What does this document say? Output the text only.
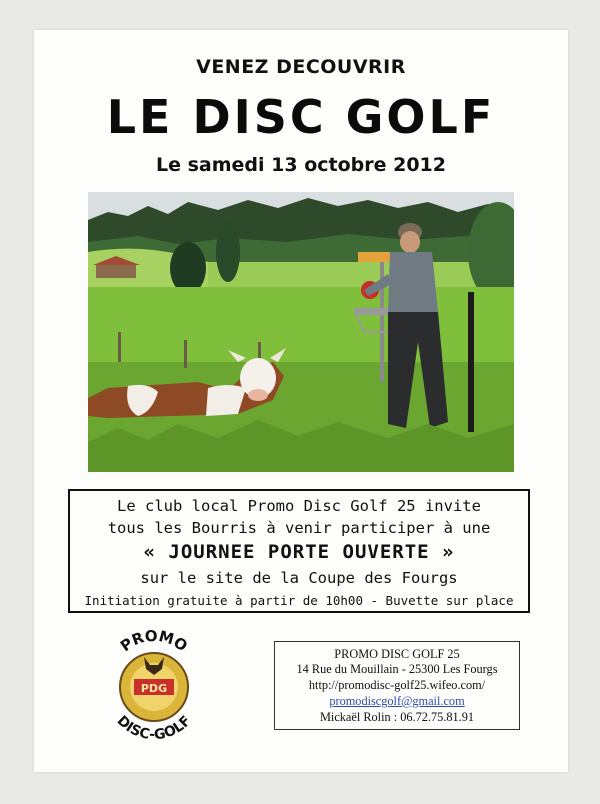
VENEZ DECOUVRIR
LE DISC GOLF
Le samedi 13 octobre 2012
Le club local Promo Disc Golf 25 invite
tous les Bourris à venir participer à une
« JOURNEE PORTE OUVERTE »
sur le site de la Coupe des Fourgs
Initiation gratuite à partir de 10h00 - Buvette sur place
PDG
PROMO
DISC-GOLF
PROMO DISC GOLF 25
14 Rue du Mouillain - 25300 Les Fourgs
http://promodisc-golf25.wifeo.com/
promodiscgolf@gmail.com
Mickaël Rolin : 06.72.75.81.91
